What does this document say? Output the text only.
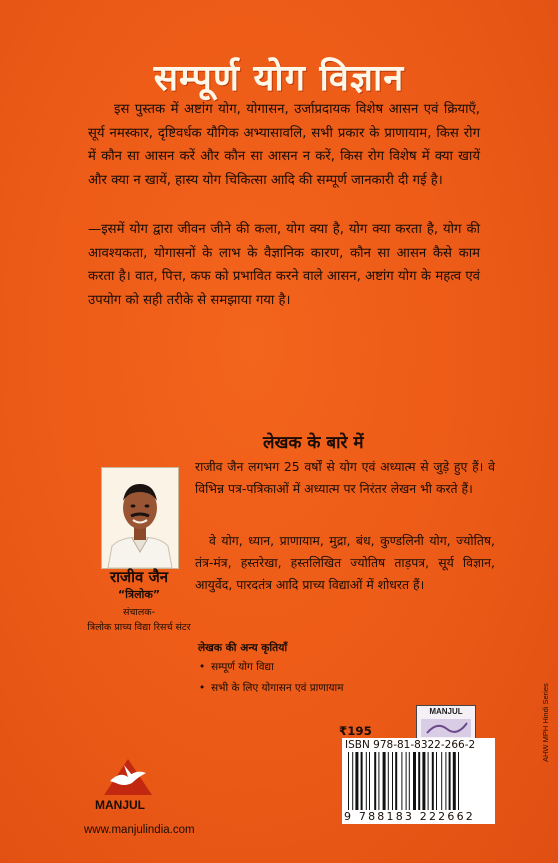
सम्पूर्ण योग विज्ञान
इस पुस्तक में अष्टांग योग, योगासन, उर्जाप्रदायक विशेष आसन एवं क्रियाएँ, सूर्य नमस्कार, दृष्टिवर्धक यौगिक अभ्यासावलि, सभी प्रकार के प्राणायाम, किस रोग में कौन सा आसन करें और कौन सा आसन न करें, किस रोग विशेष में क्या खायें और क्या न खायें, हास्य योग चिकित्सा आदि की सम्पूर्ण जानकारी दी गई है।
—इसमें योग द्वारा जीवन जीने की कला, योग क्या है, योग क्या करता है, योग की आवश्यकता, योगासनों के लाभ के वैज्ञानिक कारण, कौन सा आसन कैसे काम करता है। वात, पित्त, कफ को प्रभावित करने वाले आसन, अष्टांग योग के महत्व एवं उपयोग को सही तरीके से समझाया गया है।
लेखक के बारे में
राजीव जैन लगभग 25 वर्षों से योग एवं अध्यात्म से जुड़े हुए हैं। वे विभिन्न पत्र-पत्रिकाओं में अध्यात्म पर निरंतर लेखन भी करते हैं।
वे योग, ध्यान, प्राणायाम, मुद्रा, बंध, कुण्डलिनी योग, ज्योतिष, तंत्र-मंत्र, हस्तरेखा, हस्तलिखित ज्योतिष ताड़पत्र, सूर्य विज्ञान, आयुर्वेद, पारदतंत्र आदि प्राच्य विद्याओं में शोधरत हैं।
राजीव जैन
“त्रिलोक”
संचालक-
त्रिलोक प्राच्य विद्या रिसर्च संटर
लेखक की अन्य कृतियाँ
• सम्पूर्ण योग विद्या
• सभी के लिए योगासन एवं प्राणायाम
MANJUL
₹195
ISBN 978-81-8322-266-2
9 788183 222662
AHW MPH Hindi Series
MANJUL
www.manjulindia.com
